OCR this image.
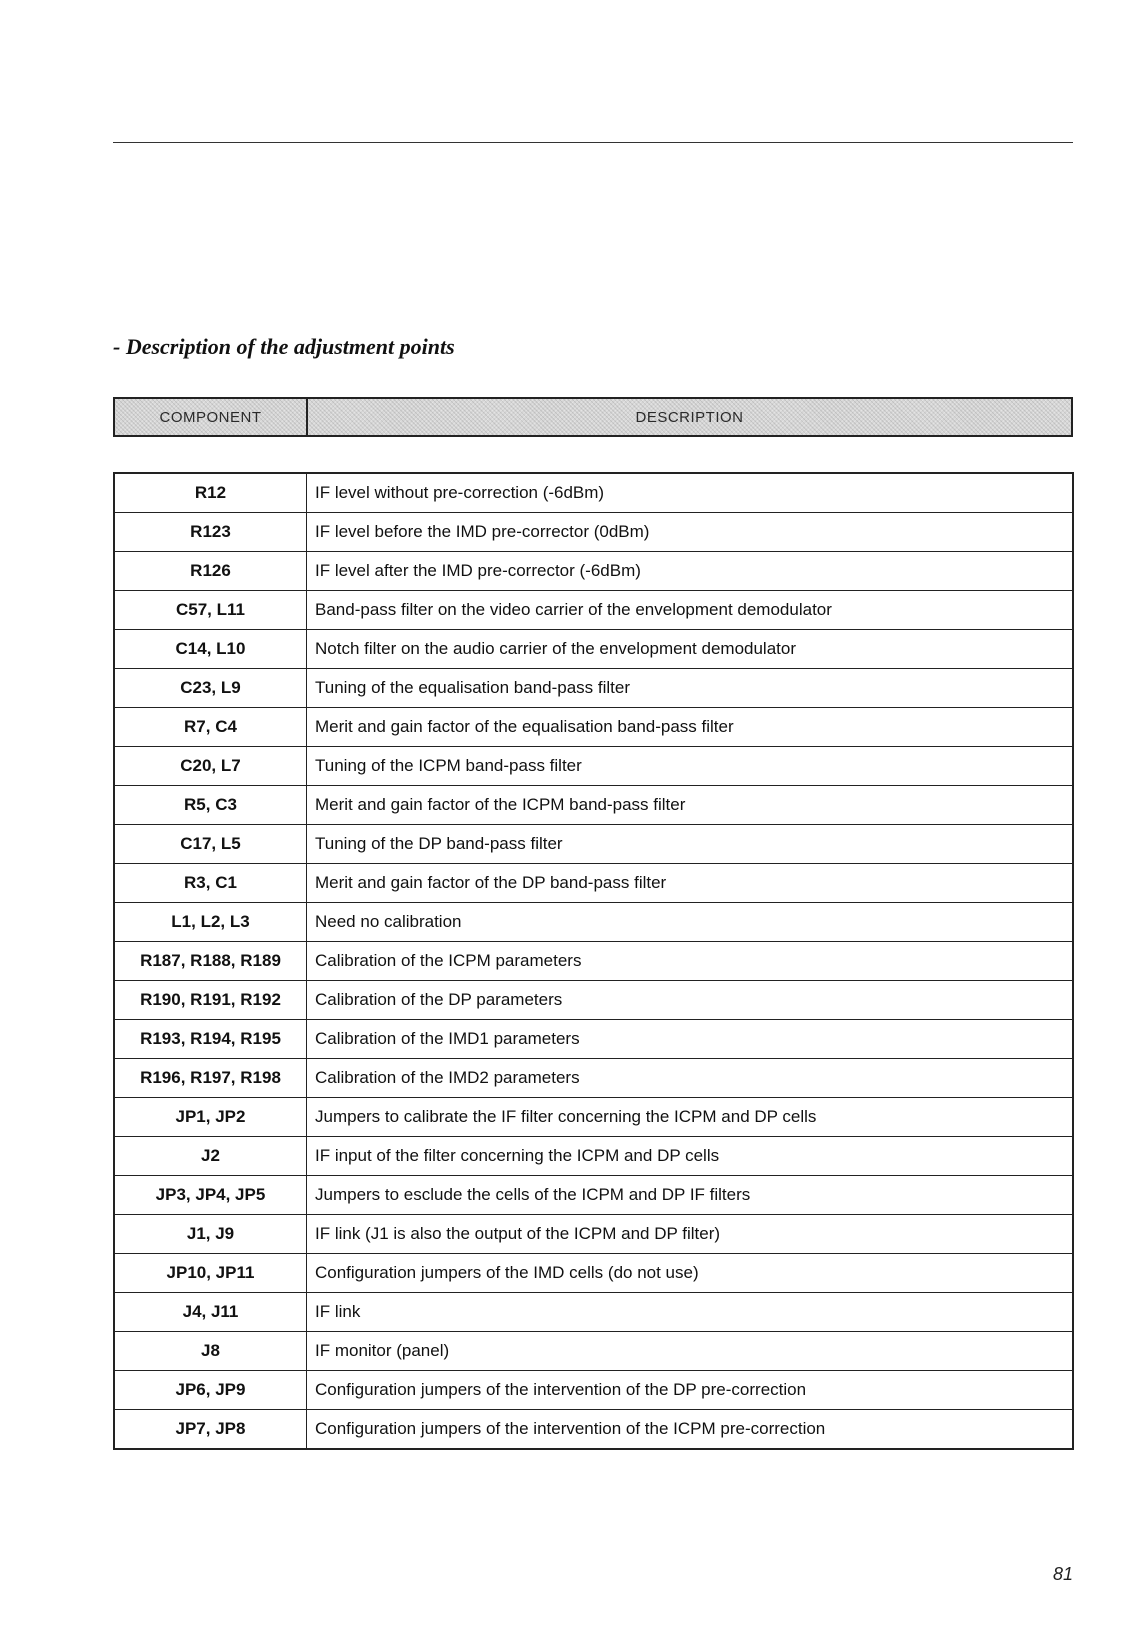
- Description of the adjustment points
COMPONENT	DESCRIPTION
R12	IF level without pre-correction (-6dBm)
R123	IF level before the IMD pre-corrector (0dBm)
R126	IF level after the IMD pre-corrector (-6dBm)
C57, L11	Band-pass filter on the video carrier of the envelopment demodulator
C14, L10	Notch filter on the audio carrier of the envelopment demodulator
C23, L9	Tuning of the equalisation band-pass filter
R7, C4	Merit and gain factor of the equalisation band-pass filter
C20, L7	Tuning of the ICPM band-pass filter
R5, C3	Merit and gain factor of the ICPM band-pass filter
C17, L5	Tuning of the DP band-pass filter
R3, C1	Merit and gain factor of the DP band-pass filter
L1, L2, L3	Need no calibration
R187, R188, R189	Calibration of the ICPM parameters
R190, R191, R192	Calibration of the DP parameters
R193, R194, R195	Calibration of the IMD1 parameters
R196, R197, R198	Calibration of the IMD2 parameters
JP1, JP2	Jumpers to calibrate the IF filter concerning the ICPM and DP cells
J2	IF input of the filter concerning the ICPM and DP cells
JP3, JP4, JP5	Jumpers to esclude the cells of the ICPM and DP IF filters
J1, J9	IF link (J1 is also the output of the ICPM and DP filter)
JP10, JP11	Configuration jumpers of the IMD cells (do not use)
J4, J11	IF link
J8	IF monitor (panel)
JP6, JP9	Configuration jumpers of the intervention of the DP pre-correction
JP7, JP8	Configuration jumpers of the intervention of the ICPM pre-correction
81
